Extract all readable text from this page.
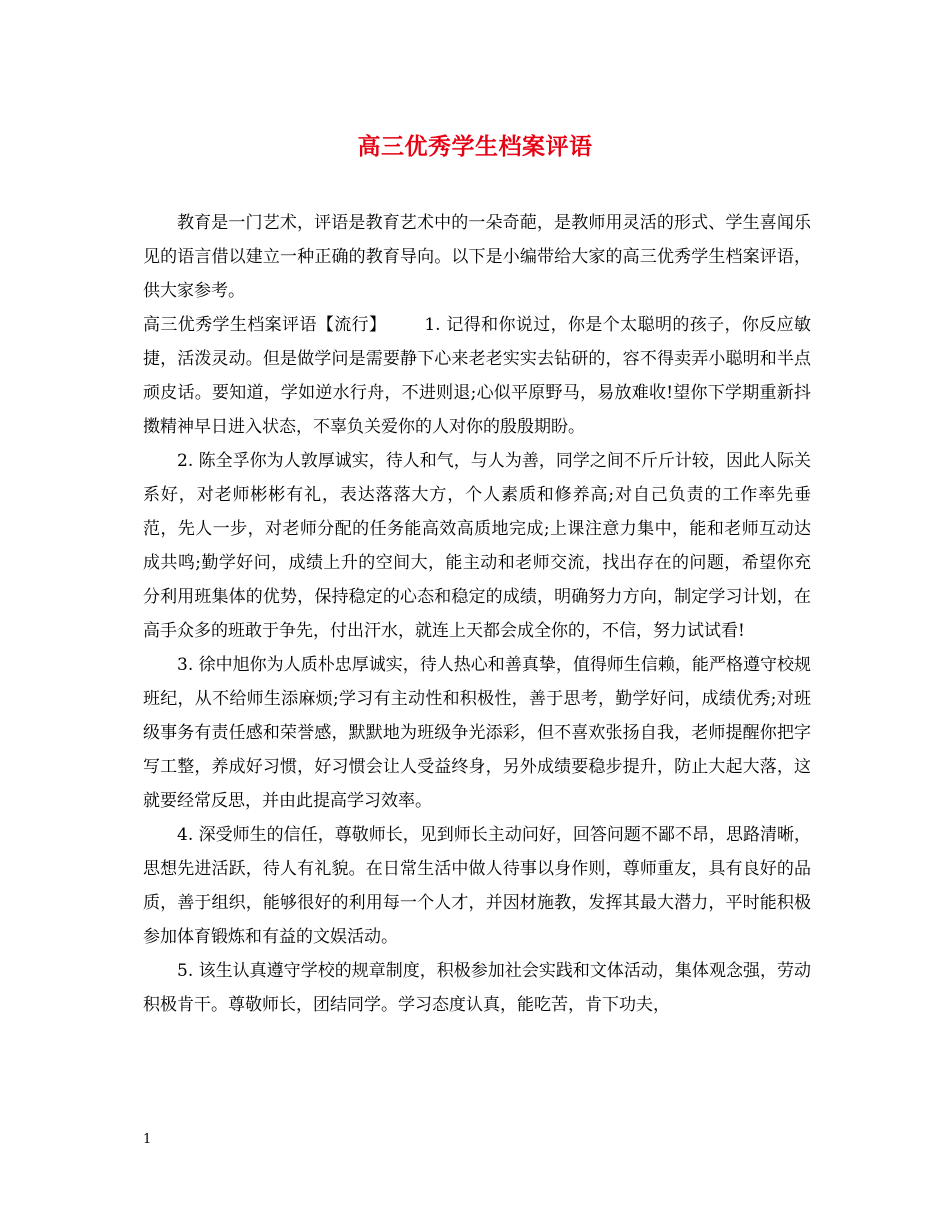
高三优秀学生档案评语

教育是一门艺术，评语是教育艺术中的一朵奇葩，是教师用灵活的形式、学生喜闻乐见的语言借以建立一种正确的教育导向。以下是小编带给大家的高三优秀学生档案评语，供大家参考。

高三优秀学生档案评语【流行】 1. 记得和你说过，你是个太聪明的孩子，你反应敏捷，活泼灵动。但是做学问是需要静下心来老老实实去钻研的，容不得卖弄小聪明和半点顽皮话。要知道，学如逆水行舟，不进则退;心似平原野马，易放难收!望你下学期重新抖擞精神早日进入状态，不辜负关爱你的人对你的殷殷期盼。

2. 陈全孚你为人敦厚诚实，待人和气，与人为善，同学之间不斤斤计较，因此人际关系好，对老师彬彬有礼，表达落落大方，个人素质和修养高;对自己负责的工作率先垂范，先人一步，对老师分配的任务能高效高质地完成;上课注意力集中，能和老师互动达成共鸣;勤学好问，成绩上升的空间大，能主动和老师交流，找出存在的问题，希望你充分利用班集体的优势，保持稳定的心态和稳定的成绩，明确努力方向，制定学习计划，在高手众多的班敢于争先，付出汗水，就连上天都会成全你的，不信，努力试试看!

3. 徐中旭你为人质朴忠厚诚实，待人热心和善真挚，值得师生信赖，能严格遵守校规班纪，从不给师生添麻烦;学习有主动性和积极性，善于思考，勤学好问，成绩优秀;对班级事务有责任感和荣誉感，默默地为班级争光添彩，但不喜欢张扬自我，老师提醒你把字写工整，养成好习惯，好习惯会让人受益终身，另外成绩要稳步提升，防止大起大落，这就要经常反思，并由此提高学习效率。

4. 深受师生的信任，尊敬师长，见到师长主动问好，回答问题不鄙不昂，思路清晰，思想先进活跃，待人有礼貌。在日常生活中做人待事以身作则，尊师重友，具有良好的品质，善于组织，能够很好的利用每一个人才，并因材施教，发挥其最大潜力，平时能积极参加体育锻炼和有益的文娱活动。

5. 该生认真遵守学校的规章制度，积极参加社会实践和文体活动，集体观念强，劳动积极肯干。尊敬师长，团结同学。学习态度认真，能吃苦，肯下功夫，

1
